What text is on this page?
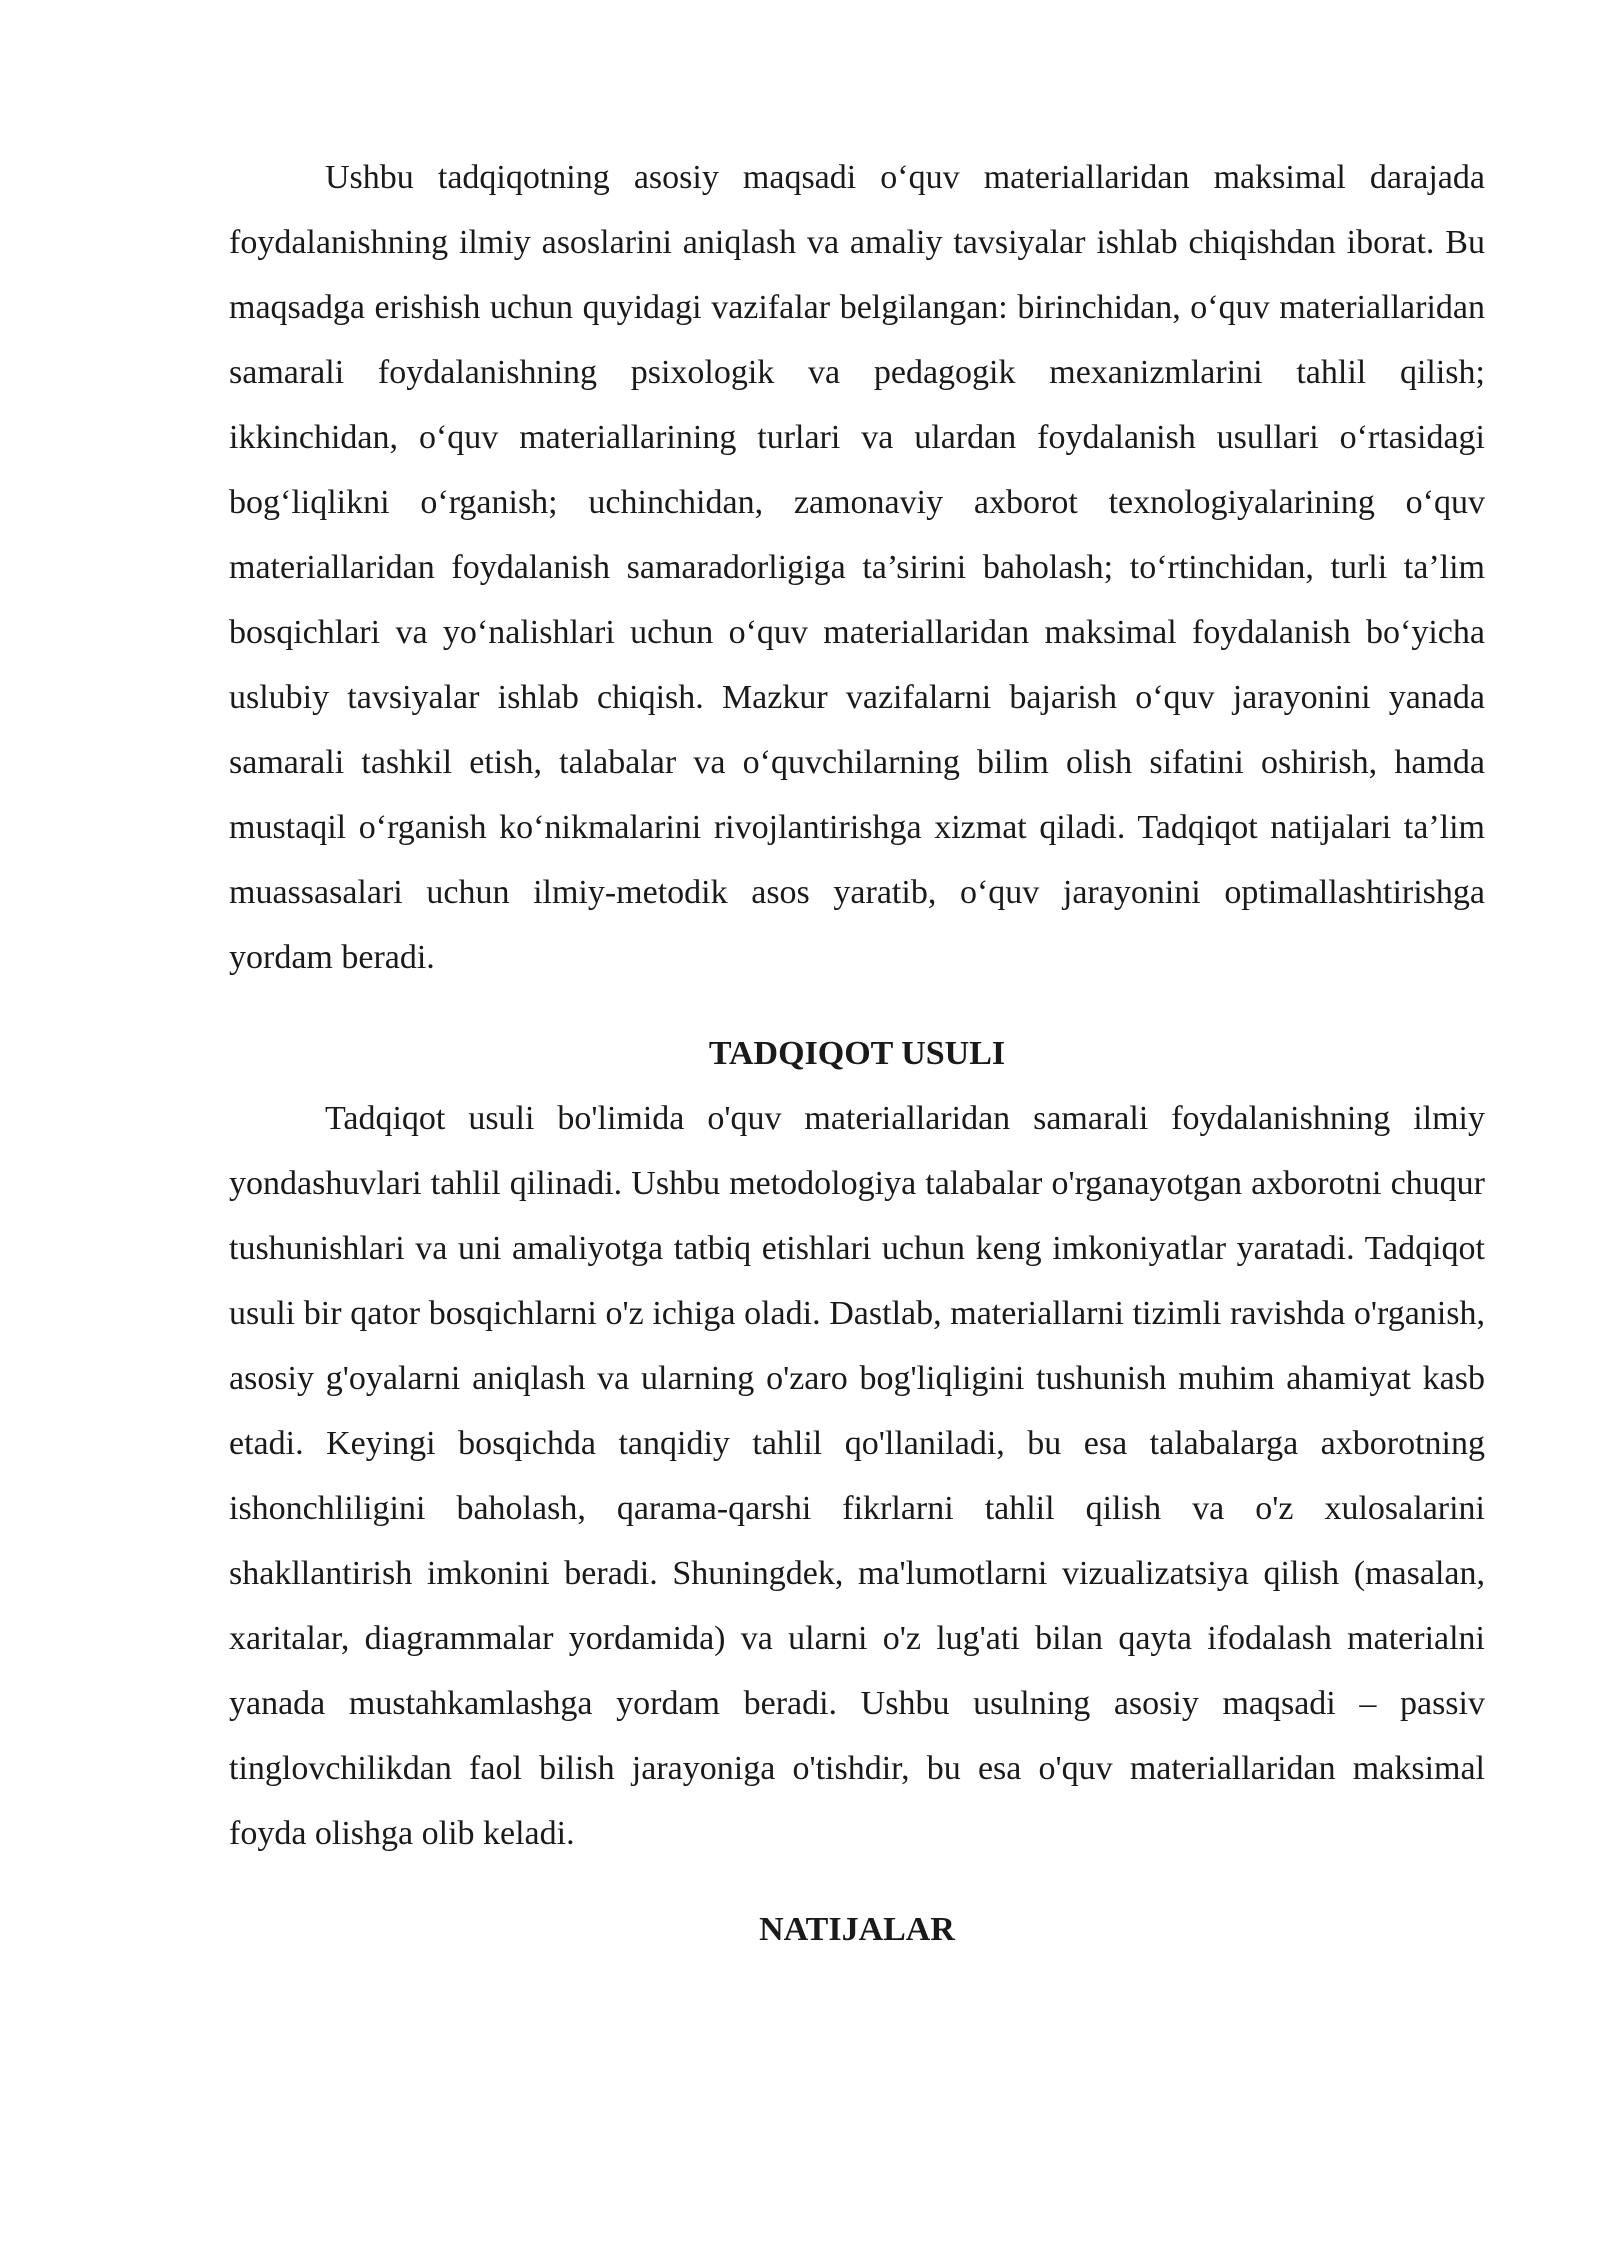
Ushbu tadqiqotning asosiy maqsadi o‘quv materiallaridan maksimal darajada foydalanishning ilmiy asoslarini aniqlash va amaliy tavsiyalar ishlab chiqishdan iborat. Bu maqsadga erishish uchun quyidagi vazifalar belgilangan: birinchidan, o‘quv materiallaridan samarali foydalanishning psixologik va pedagogik mexanizmlarini tahlil qilish; ikkinchidan, o‘quv materiallarining turlari va ulardan foydalanish usullari o‘rtasidagi bog‘liqlikni o‘rganish; uchinchidan, zamonaviy axborot texnologiyalarining o‘quv materiallaridan foydalanish samaradorligiga ta’sirini baholash; to‘rtinchidan, turli ta’lim bosqichlari va yo‘nalishlari uchun o‘quv materiallaridan maksimal foydalanish bo‘yicha uslubiy tavsiyalar ishlab chiqish. Mazkur vazifalarni bajarish o‘quv jarayonini yanada samarali tashkil etish, talabalar va o‘quvchilarning bilim olish sifatini oshirish, hamda mustaqil o‘rganish ko‘nikmalarini rivojlantirishga xizmat qiladi. Tadqiqot natijalari ta’lim muassasalari uchun ilmiy-metodik asos yaratib, o‘quv jarayonini optimallashtirishga yordam beradi.

TADQIQOT USULI

Tadqiqot usuli bo'limida o'quv materiallaridan samarali foydalanishning ilmiy yondashuvlari tahlil qilinadi. Ushbu metodologiya talabalar o'rganayotgan axborotni chuqur tushunishlari va uni amaliyotga tatbiq etishlari uchun keng imkoniyatlar yaratadi. Tadqiqot usuli bir qator bosqichlarni o'z ichiga oladi. Dastlab, materiallarni tizimli ravishda o'rganish, asosiy g'oyalarni aniqlash va ularning o'zaro bog'liqligini tushunish muhim ahamiyat kasb etadi. Keyingi bosqichda tanqidiy tahlil qo'llaniladi, bu esa talabalarga axborotning ishonchliligini baholash, qarama-qarshi fikrlarni tahlil qilish va o'z xulosalarini shakllantirish imkonini beradi. Shuningdek, ma'lumotlarni vizualizatsiya qilish (masalan, xaritalar, diagrammalar yordamida) va ularni o'z lug'ati bilan qayta ifodalash materialni yanada mustahkamlashga yordam beradi. Ushbu usulning asosiy maqsadi – passiv tinglovchilikdan faol bilish jarayoniga o'tishdir, bu esa o'quv materiallaridan maksimal foyda olishga olib keladi.

NATIJALAR
